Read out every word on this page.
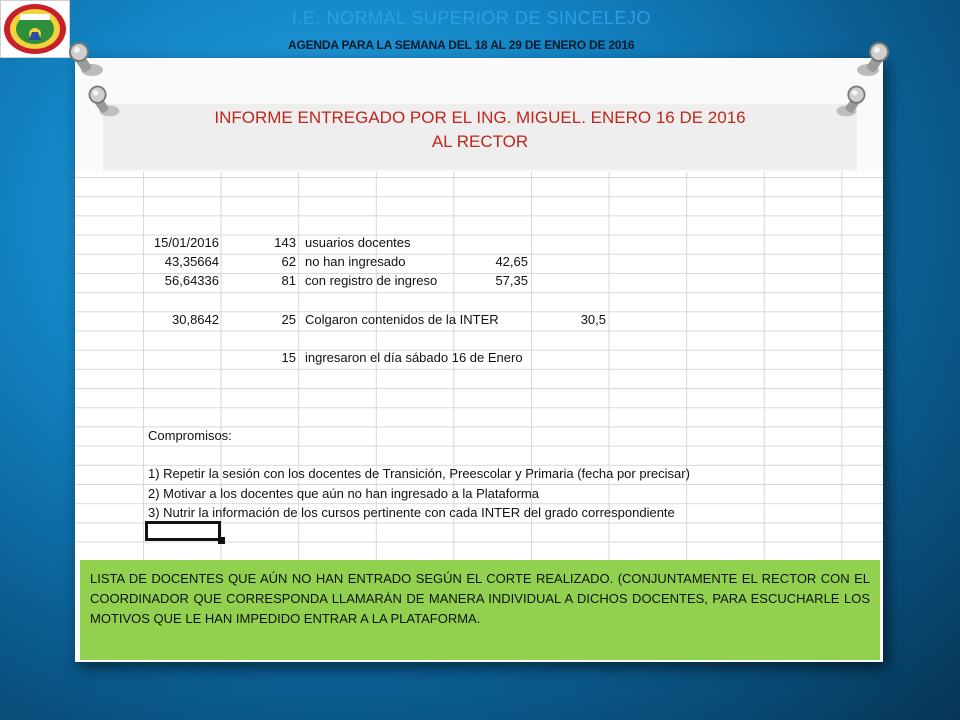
I.E. NORMAL SUPERIOR DE SINCELEJO
AGENDA PARA LA SEMANA DEL 18 AL 29 DE ENERO DE 2016
INFORME ENTREGADO POR EL ING. MIGUEL. ENERO 16 DE 2016
AL RECTOR
15/01/2016	143 usuarios docentes
43,35664	62 no han ingresado	42,65
56,64336	81 con registro de ingreso	57,35
30,8642	25 Colgaron contenidos de la INTER	30,5
15 ingresaron el día sábado 16 de Enero
Compromisos:
1) Repetir la sesión con los docentes de Transición, Preescolar y Primaria (fecha por precisar)
2) Motivar a los docentes que aún no han ingresado a la Plataforma
3) Nutrir la información de los cursos pertinente con cada INTER del grado correspondiente
LISTA DE DOCENTES QUE AÚN NO HAN ENTRADO SEGÚN EL CORTE REALIZADO. (CONJUNTAMENTE EL RECTOR CON EL COORDINADOR QUE CORRESPONDA LLAMARÁN DE MANERA INDIVIDUAL A DICHOS DOCENTES, PARA ESCUCHARLE LOS MOTIVOS QUE LE HAN IMPEDIDO ENTRAR A LA PLATAFORMA.
